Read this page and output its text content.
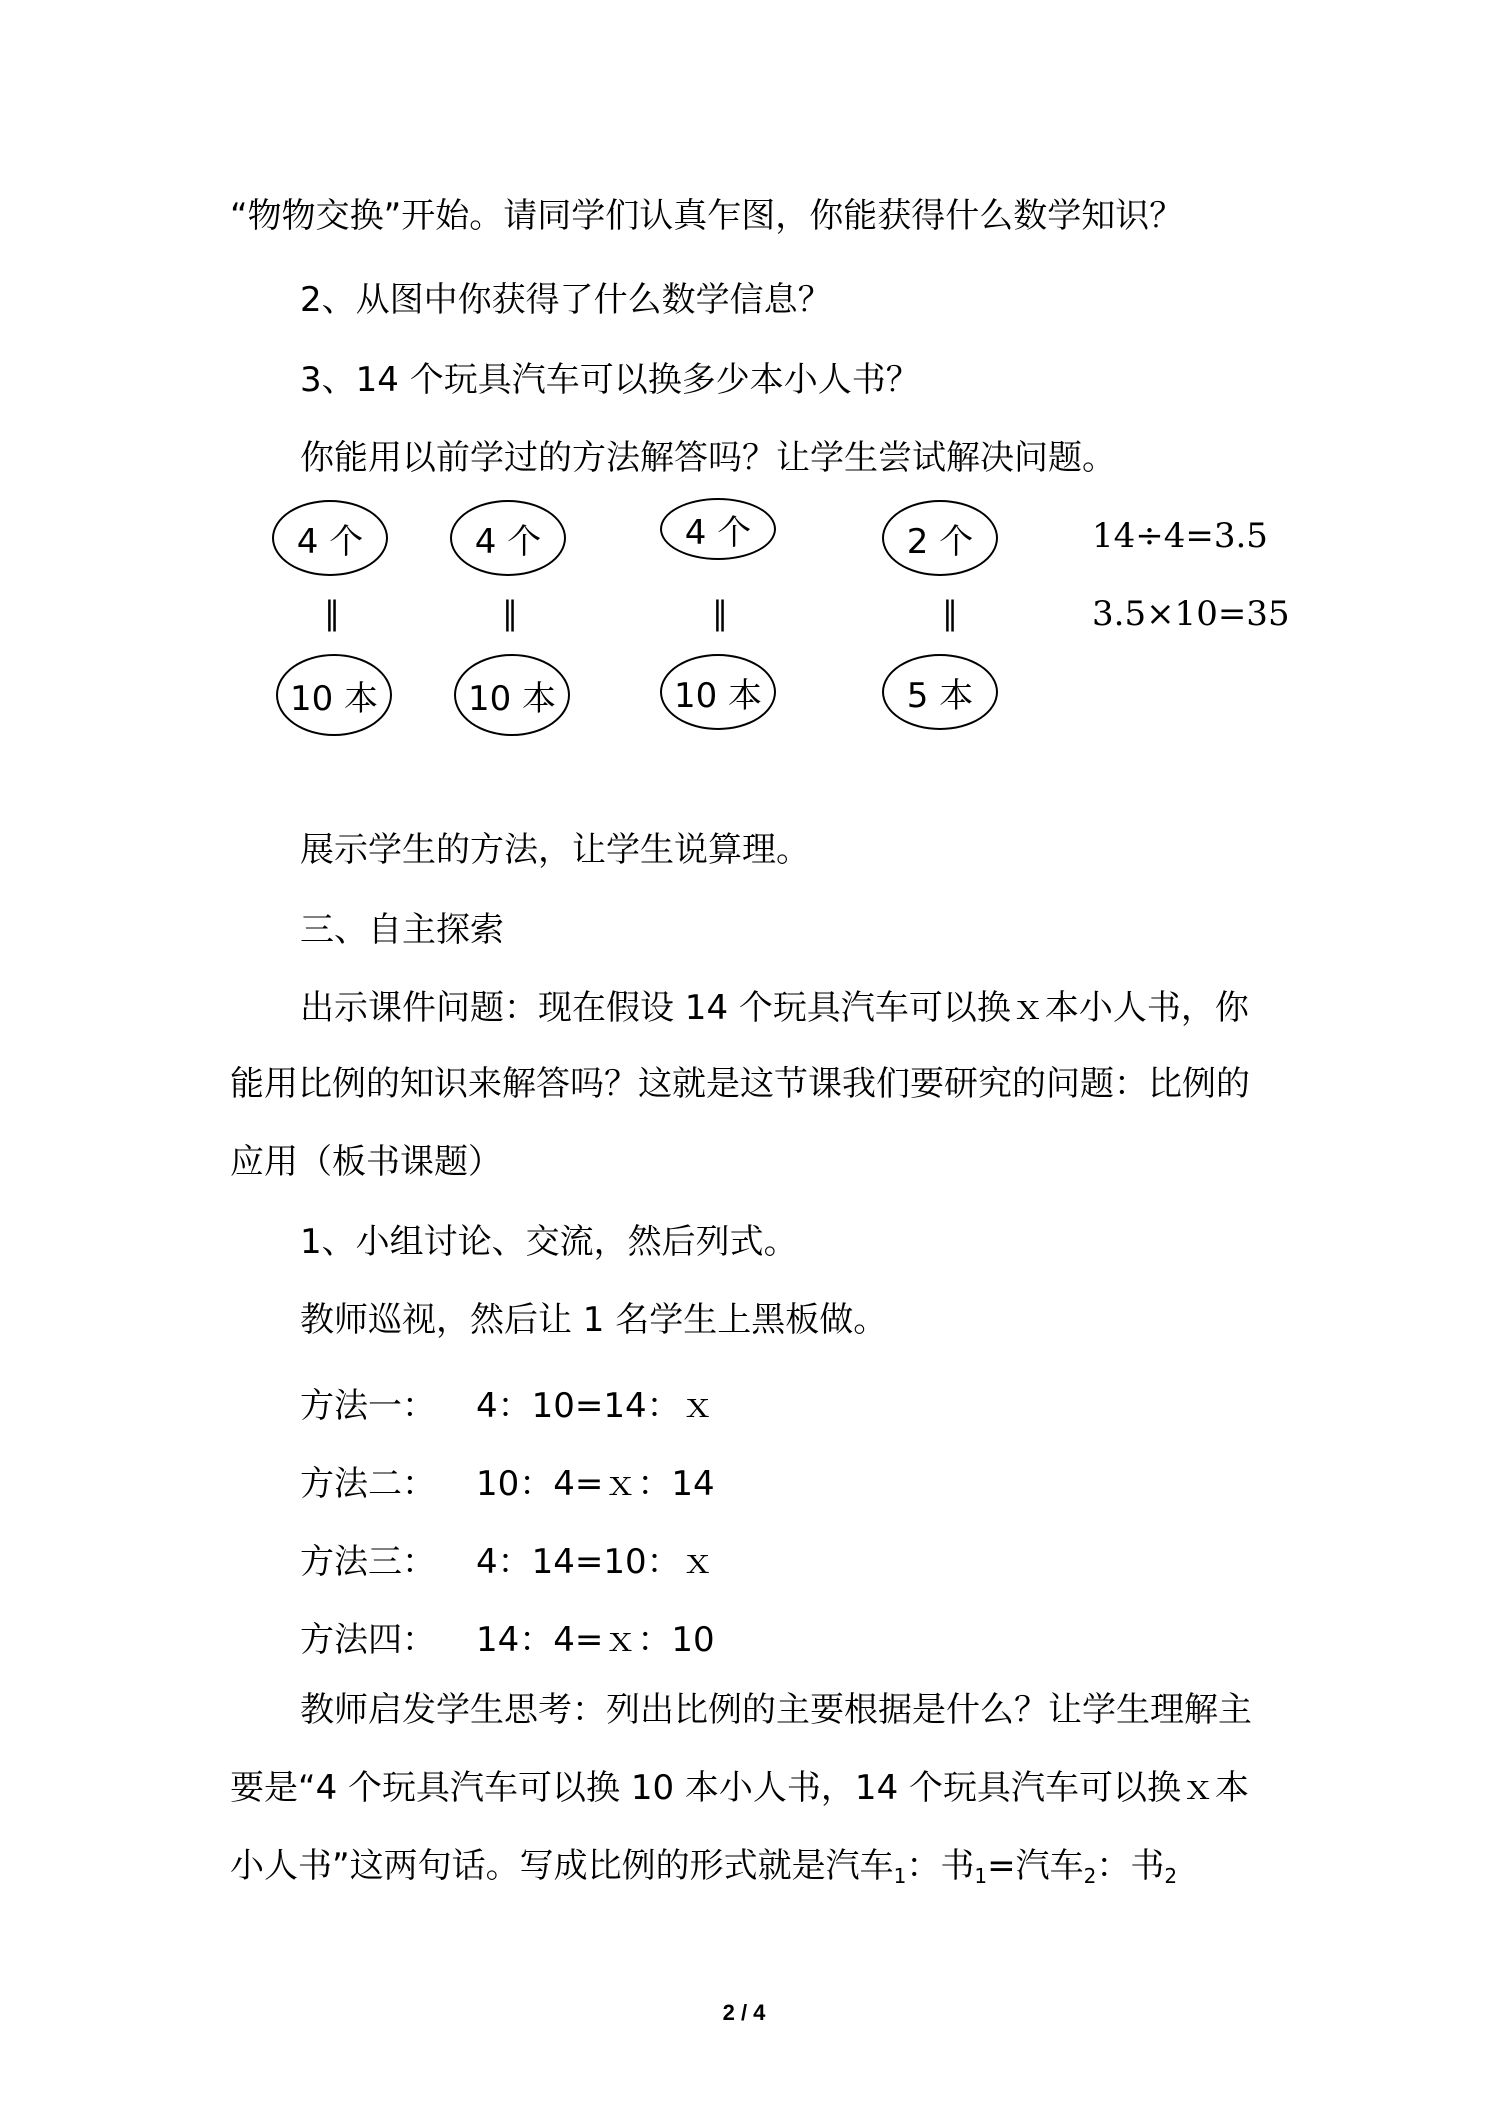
“物物交换”开始。请同学们认真乍图，你能获得什么数学知识？

2、从图中你获得了什么数学信息？

3、14 个玩具汽车可以换多少本小人书？

你能用以前学过的方法解答吗？让学生尝试解决问题。

4 个	4 个	4 个	2 个
‖	‖	‖	‖
10 本	10 本	10 本	5 本
14÷4=3.5
3.5×10=35

展示学生的方法，让学生说算理。

三、自主探索

出示课件问题：现在假设 14 个玩具汽车可以换ｘ本小人书，你

能用比例的知识来解答吗？这就是这节课我们要研究的问题：比例的

应用（板书课题）

1、小组讨论、交流，然后列式。

教师巡视，然后让 1 名学生上黑板做。

方法一： 4：10=14：ｘ
方法二： 10：4=ｘ：14
方法三： 4：14=10：ｘ
方法四： 14：4=ｘ：10

教师启发学生思考：列出比例的主要根据是什么？让学生理解主

要是“4 个玩具汽车可以换 10 本小人书，14 个玩具汽车可以换ｘ本

小人书”这两句话。写成比例的形式就是汽车$_1$：书$_1$=汽车$_2$：书$_2$

2 / 4
